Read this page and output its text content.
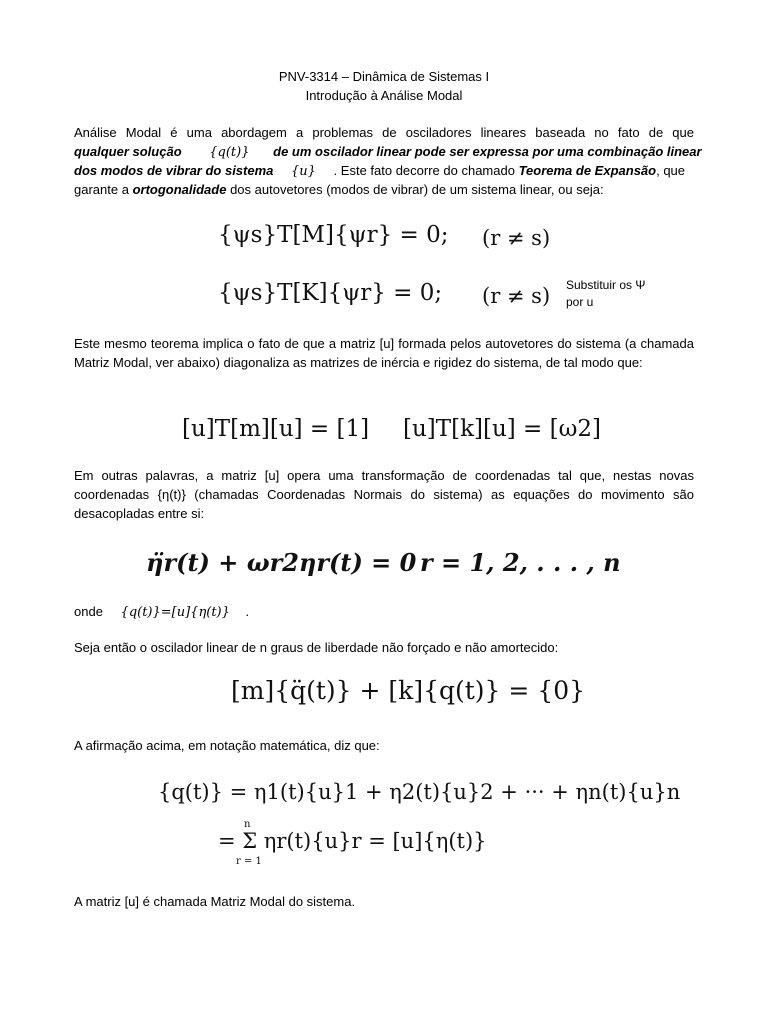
PNV-3314 – Dinâmica de Sistemas I
Introdução à Análise Modal
Análise Modal é uma abordagem a problemas de osciladores lineares baseada no fato de que
qualquer solução {q(t)} de um oscilador linear pode ser expressa por uma combinação linear
dos modos de vibrar do sistema {u} . Este fato decorre do chamado Teorema de Expansão, que
garante a ortogonalidade dos autovetores (modos de vibrar) de um sistema linear, ou seja:
{ψs}T[M]{ψr} = 0; (r ≠ s)
{ψs}T[K]{ψr} = 0; (r ≠ s) Substituir os Ψ
por u
Este mesmo teorema implica o fato de que a matriz [u] formada pelos autovetores do sistema (a chamada Matriz Modal, ver abaixo) diagonaliza as matrizes de inércia e rigidez do sistema, de tal modo que:
[u]T[m][u] = [1] [u]T[k][u] = [ω2]
Em outras palavras, a matriz [u] opera uma transformação de coordenadas tal que, nestas novas coordenadas {η(t)} (chamadas Coordenadas Normais do sistema) as equações do movimento são desacopladas entre si:
η̈r(t) + ωr2ηr(t) = 0 r = 1, 2, . . . , n
onde {q(t)}=[u]{η(t)} .
Seja então o oscilador linear de n graus de liberdade não forçado e não amortecido:
[m]{q̈(t)} + [k]{q(t)} = {0}
A afirmação acima, em notação matemática, diz que:
{q(t)} = η1(t){u}1 + η2(t){u}2 + ··· + ηn(t){u}n
n
= Σ ηr(t){u}r = [u]{η(t)}
r = 1
A matriz [u] é chamada Matriz Modal do sistema.
